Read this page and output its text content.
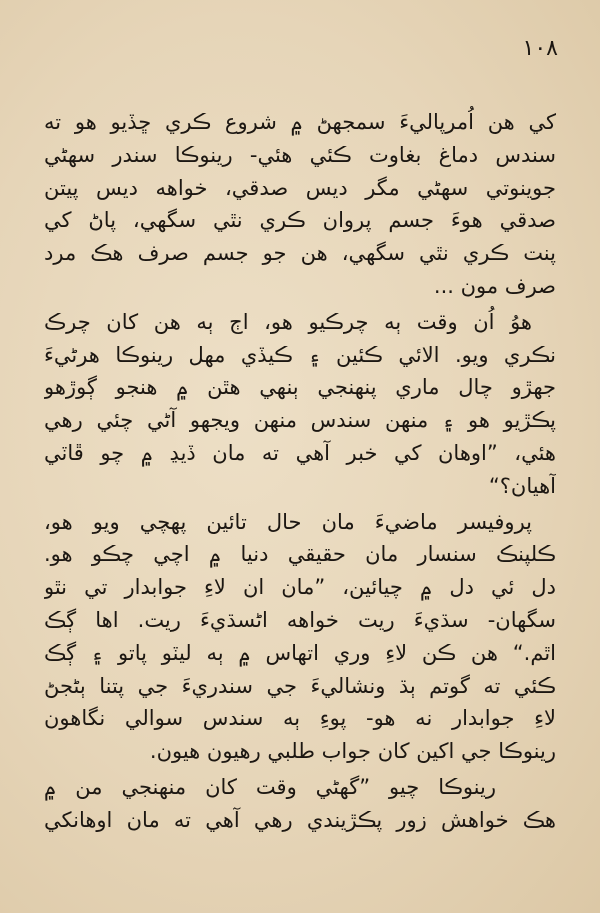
١٠٨
کي هن اُمرپاليءَ سمجهڻ ۾ شروع ڪري ڇڏيو هو ته
سندس دماغ بغاوت ڪئي هئي- رينوڪا سندر سهڻي
جوينوتي سهڻي مگر ديس صدقي، خواهه ديس پيتن
صدقي هوءَ جسم پروان ڪري نٿي سگهي، پاڻ کي
پنت ڪري نٿي سگهي، هن جو جسم صرف هڪ مرد
صرف مون ...
هوُ اُن وقت ٻه چرڪيو هو، اڄ ٻه هن کان چرڪ
نڪري ويو. الائي ڪئين ۽ ڪيڏي مهل رينوڪا هرڻيءَ
جهڙو چال ماري پنهنجي ٻنهي هٿن ۾ هنجو ڳوڙهو
پڪڙيو هو ۽ منهن سندس منهن ويجهو آڻي چئي رهي
هئي، ”اوهان کي خبر آهي ته مان ڏيڍ ۾ چو ڦاٽي
آهيان؟“
پروفيسر ماضيءَ مان حال تائين پهچي ويو هو،
ڪلپنڪ سنسار مان حقيقي دنيا ۾ اچي چڪو هو.
دل ئي دل ۾ چيائين، ”مان ان لاءِ جوابدار تي نٿو
سگهان- سڌيءَ ريت خواهه اڻسڌيءَ ريت. اها ڳڪ
اٿم.“ هن ڪن لاءِ وري اتهاس ۾ ٻه ليٽو پاتو ۽ ڳڪ
ڪئي ته گوتم ٻڌ ونشاليءَ جي سندريءَ جي پتنا ٻڻجڻ
لاءِ جوابدار نه هو- پوءِ ٻه سندس سوالي نگاهون
رينوڪا جي اکين کان جواب طلبي رهيون هيون.
رينوڪا چيو ”گهڻي وقت کان منهنجي من ۾
هڪ خواهش زور پڪڙيندي رهي آهي ته مان اوهانکي
